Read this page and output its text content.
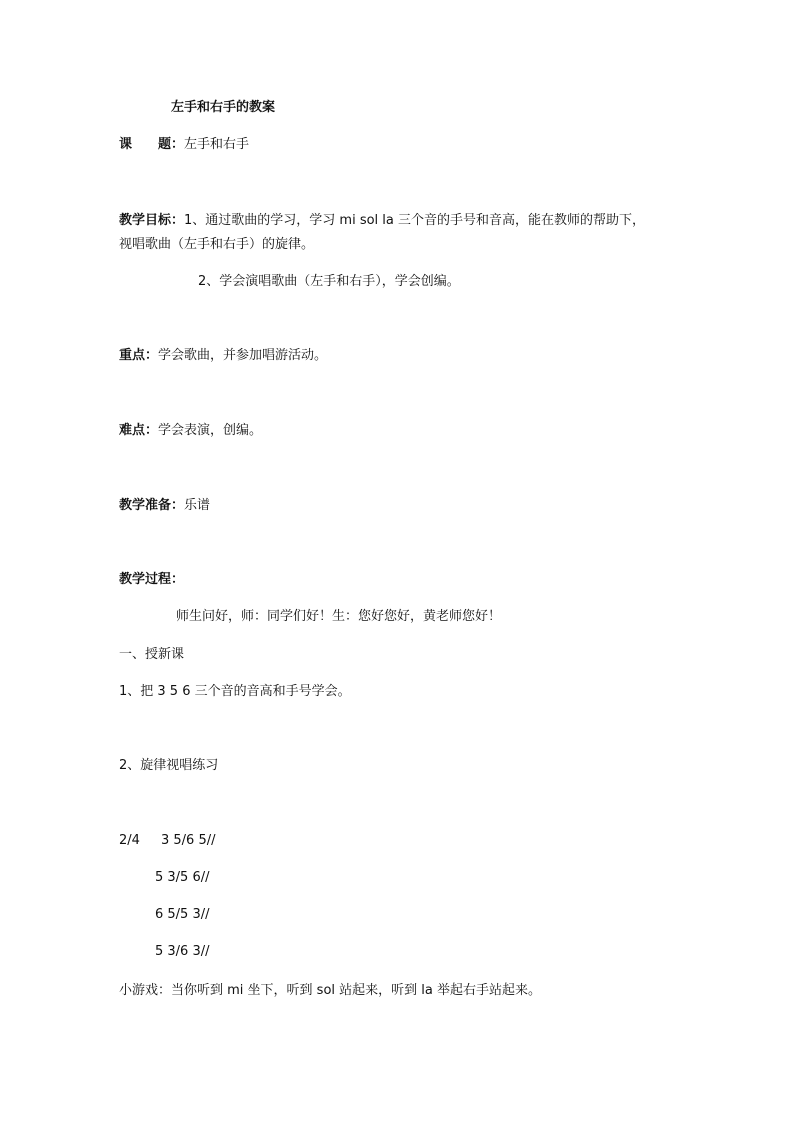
左手和右手的教案
课　　题：左手和右手
教学目标：1、通过歌曲的学习，学习 mi sol la 三个音的手号和音高，能在教师的帮助下，
视唱歌曲（左手和右手）的旋律。
2、学会演唱歌曲（左手和右手），学会创编。
重点：学会歌曲，并参加唱游活动。
难点：学会表演，创编。
教学准备：乐谱
教学过程：
师生问好，师：同学们好！生：您好您好，黄老师您好！
一、授新课
1、把 3 5 6 三个音的音高和手号学会。
2、旋律视唱练习
2/4 3 5/6 5//
5 3/5 6//
6 5/5 3//
5 3/6 3//
小游戏：当你听到 mi 坐下，听到 sol 站起来，听到 la 举起右手站起来。
